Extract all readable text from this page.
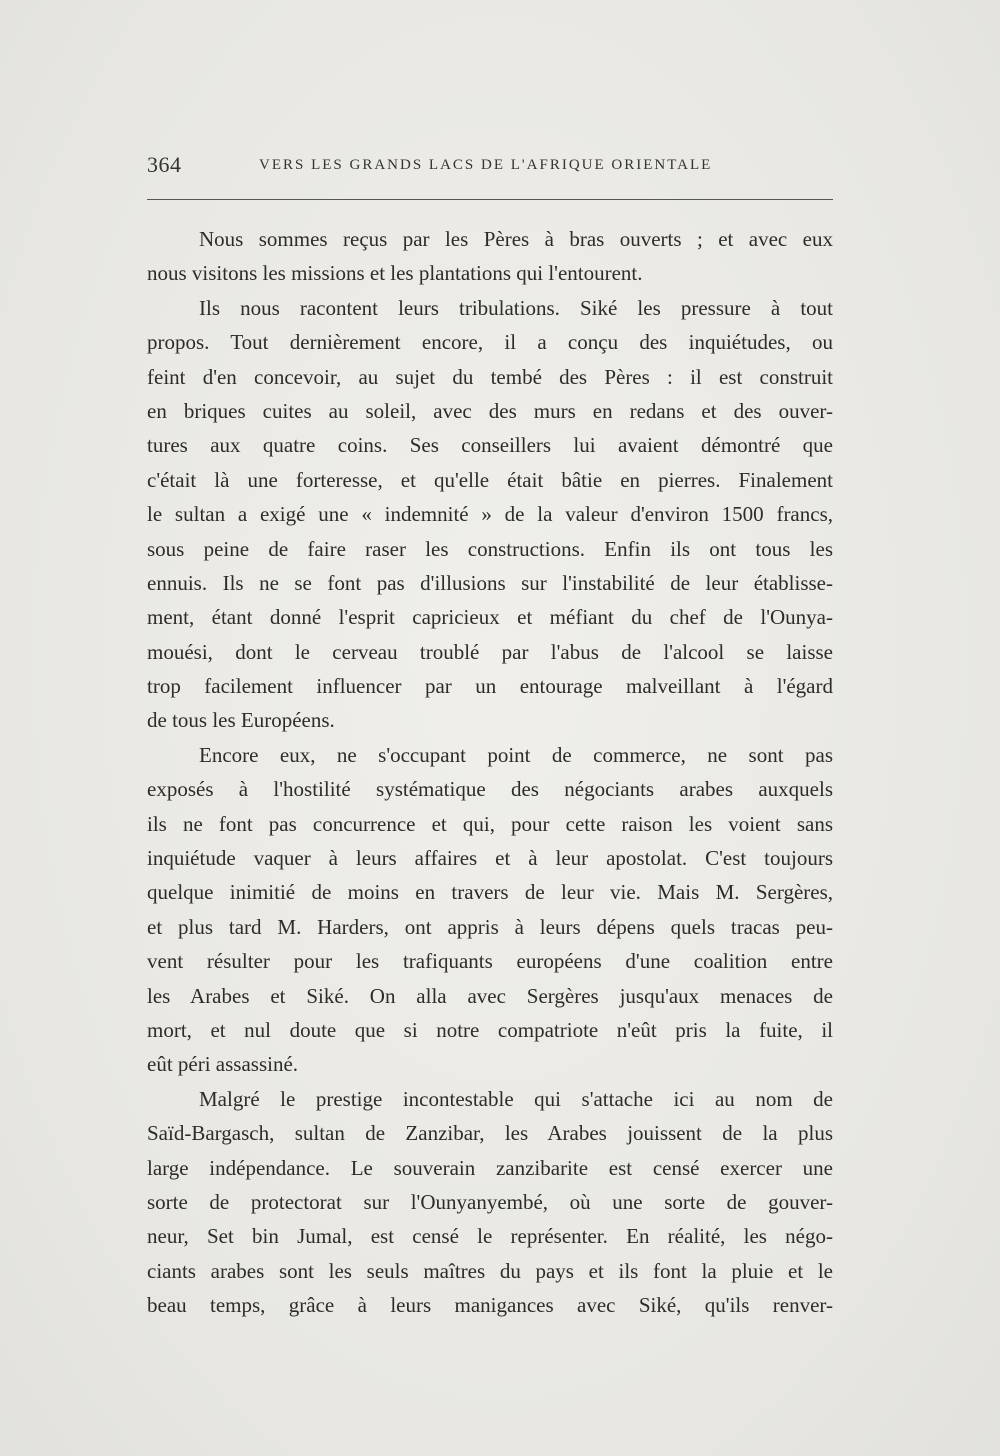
364	VERS LES GRANDS LACS DE L'AFRIQUE ORIENTALE
Nous sommes reçus par les Pères à bras ouverts ; et avec eux
nous visitons les missions et les plantations qui l'entourent.
Ils nous racontent leurs tribulations. Siké les pressure à tout
propos. Tout dernièrement encore, il a conçu des inquiétudes, ou
feint d'en concevoir, au sujet du tembé des Pères : il est construit
en briques cuites au soleil, avec des murs en redans et des ouver-
tures aux quatre coins. Ses conseillers lui avaient démontré que
c'était là une forteresse, et qu'elle était bâtie en pierres. Finalement
le sultan a exigé une « indemnité » de la valeur d'environ 1500 francs,
sous peine de faire raser les constructions. Enfin ils ont tous les
ennuis. Ils ne se font pas d'illusions sur l'instabilité de leur établisse-
ment, étant donné l'esprit capricieux et méfiant du chef de l'Ounya-
mouési, dont le cerveau troublé par l'abus de l'alcool se laisse
trop facilement influencer par un entourage malveillant à l'égard
de tous les Européens.
Encore eux, ne s'occupant point de commerce, ne sont pas
exposés à l'hostilité systématique des négociants arabes auxquels
ils ne font pas concurrence et qui, pour cette raison les voient sans
inquiétude vaquer à leurs affaires et à leur apostolat. C'est toujours
quelque inimitié de moins en travers de leur vie. Mais M. Sergères,
et plus tard M. Harders, ont appris à leurs dépens quels tracas peu-
vent résulter pour les trafiquants européens d'une coalition entre
les Arabes et Siké. On alla avec Sergères jusqu'aux menaces de
mort, et nul doute que si notre compatriote n'eût pris la fuite, il
eût péri assassiné.
Malgré le prestige incontestable qui s'attache ici au nom de
Saïd-Bargasch, sultan de Zanzibar, les Arabes jouissent de la plus
large indépendance. Le souverain zanzibarite est censé exercer une
sorte de protectorat sur l'Ounyanyembé, où une sorte de gouver-
neur, Set bin Jumal, est censé le représenter. En réalité, les négo-
ciants arabes sont les seuls maîtres du pays et ils font la pluie et le
beau temps, grâce à leurs manigances avec Siké, qu'ils renver-
